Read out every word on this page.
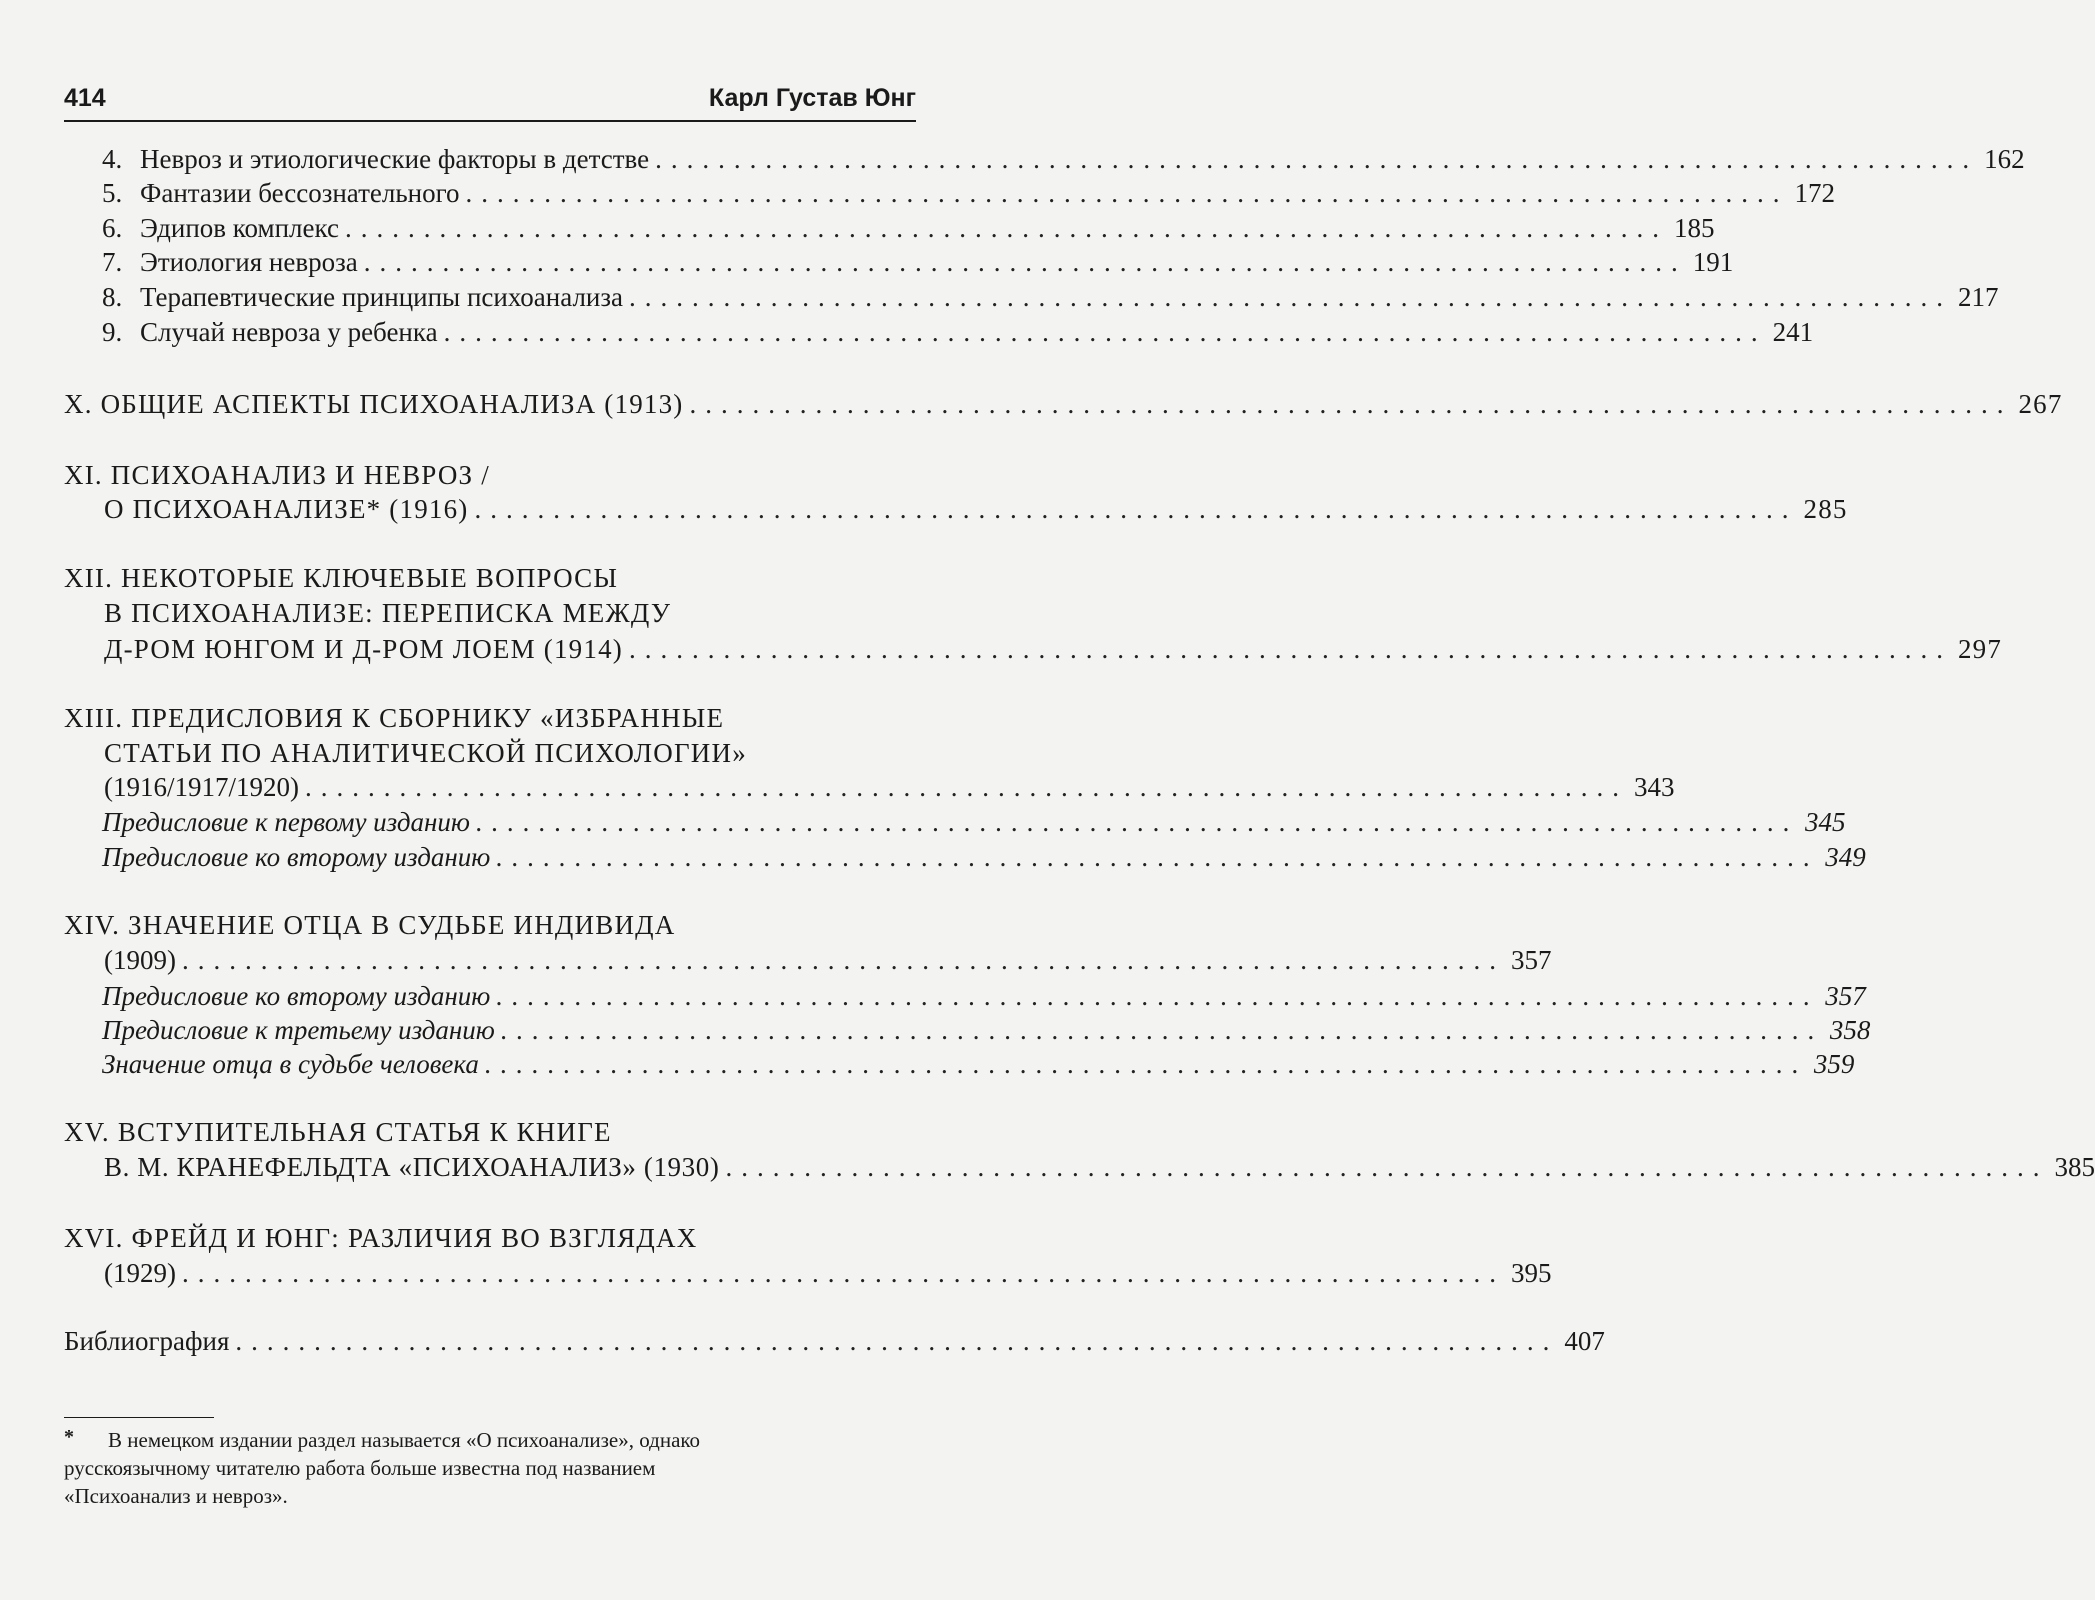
414	Карл Густав Юнг
4. Невроз и этиологические факторы в детстве .................................................................................... 162
5. Фантазии бессознательного .................................................................................... 172
6. Эдипов комплекс .................................................................................... 185
7. Этиология невроза .................................................................................... 191
8. Терапевтические принципы психоанализа .................................................................................... 217
9. Случай невроза у ребенка .................................................................................... 241
X. ОБЩИЕ АСПЕКТЫ ПСИХОАНАЛИЗА (1913) .................................................................................... 267
XI. ПСИХОАНАЛИЗ И НЕВРОЗ /
О ПСИХОАНАЛИЗЕ* (1916) .................................................................................... 285
XII. НЕКОТОРЫЕ КЛЮЧЕВЫЕ ВОПРОСЫ
В ПСИХОАНАЛИЗЕ: ПЕРЕПИСКА МЕЖДУ
Д-РОМ ЮНГОМ И Д-РОМ ЛОЕМ (1914) .................................................................................... 297
XIII. ПРЕДИСЛОВИЯ К СБОРНИКУ «ИЗБРАННЫЕ
СТАТЬИ ПО АНАЛИТИЧЕСКОЙ ПСИХОЛОГИИ»
(1916/1917/1920) .................................................................................... 343
Предисловие к первому изданию .................................................................................... 345
Предисловие ко второму изданию .................................................................................... 349
XIV. ЗНАЧЕНИЕ ОТЦА В СУДЬБЕ ИНДИВИДА
(1909) .................................................................................... 357
Предисловие ко второму изданию .................................................................................... 357
Предисловие к третьему изданию .................................................................................... 358
Значение отца в судьбе человека .................................................................................... 359
XV. ВСТУПИТЕЛЬНАЯ СТАТЬЯ К КНИГЕ
В. М. КРАНЕФЕЛЬДТА «ПСИХОАНАЛИЗ» (1930) .................................................................................... 385
XVI. ФРЕЙД И ЮНГ: РАЗЛИЧИЯ ВО ВЗГЛЯДАХ
(1929) .................................................................................... 395
Библиография .................................................................................... 407
* В немецком издании раздел называется «О психоанализе», однако
русскоязычному читателю работа больше известна под названием
«Психоанализ и невроз».
